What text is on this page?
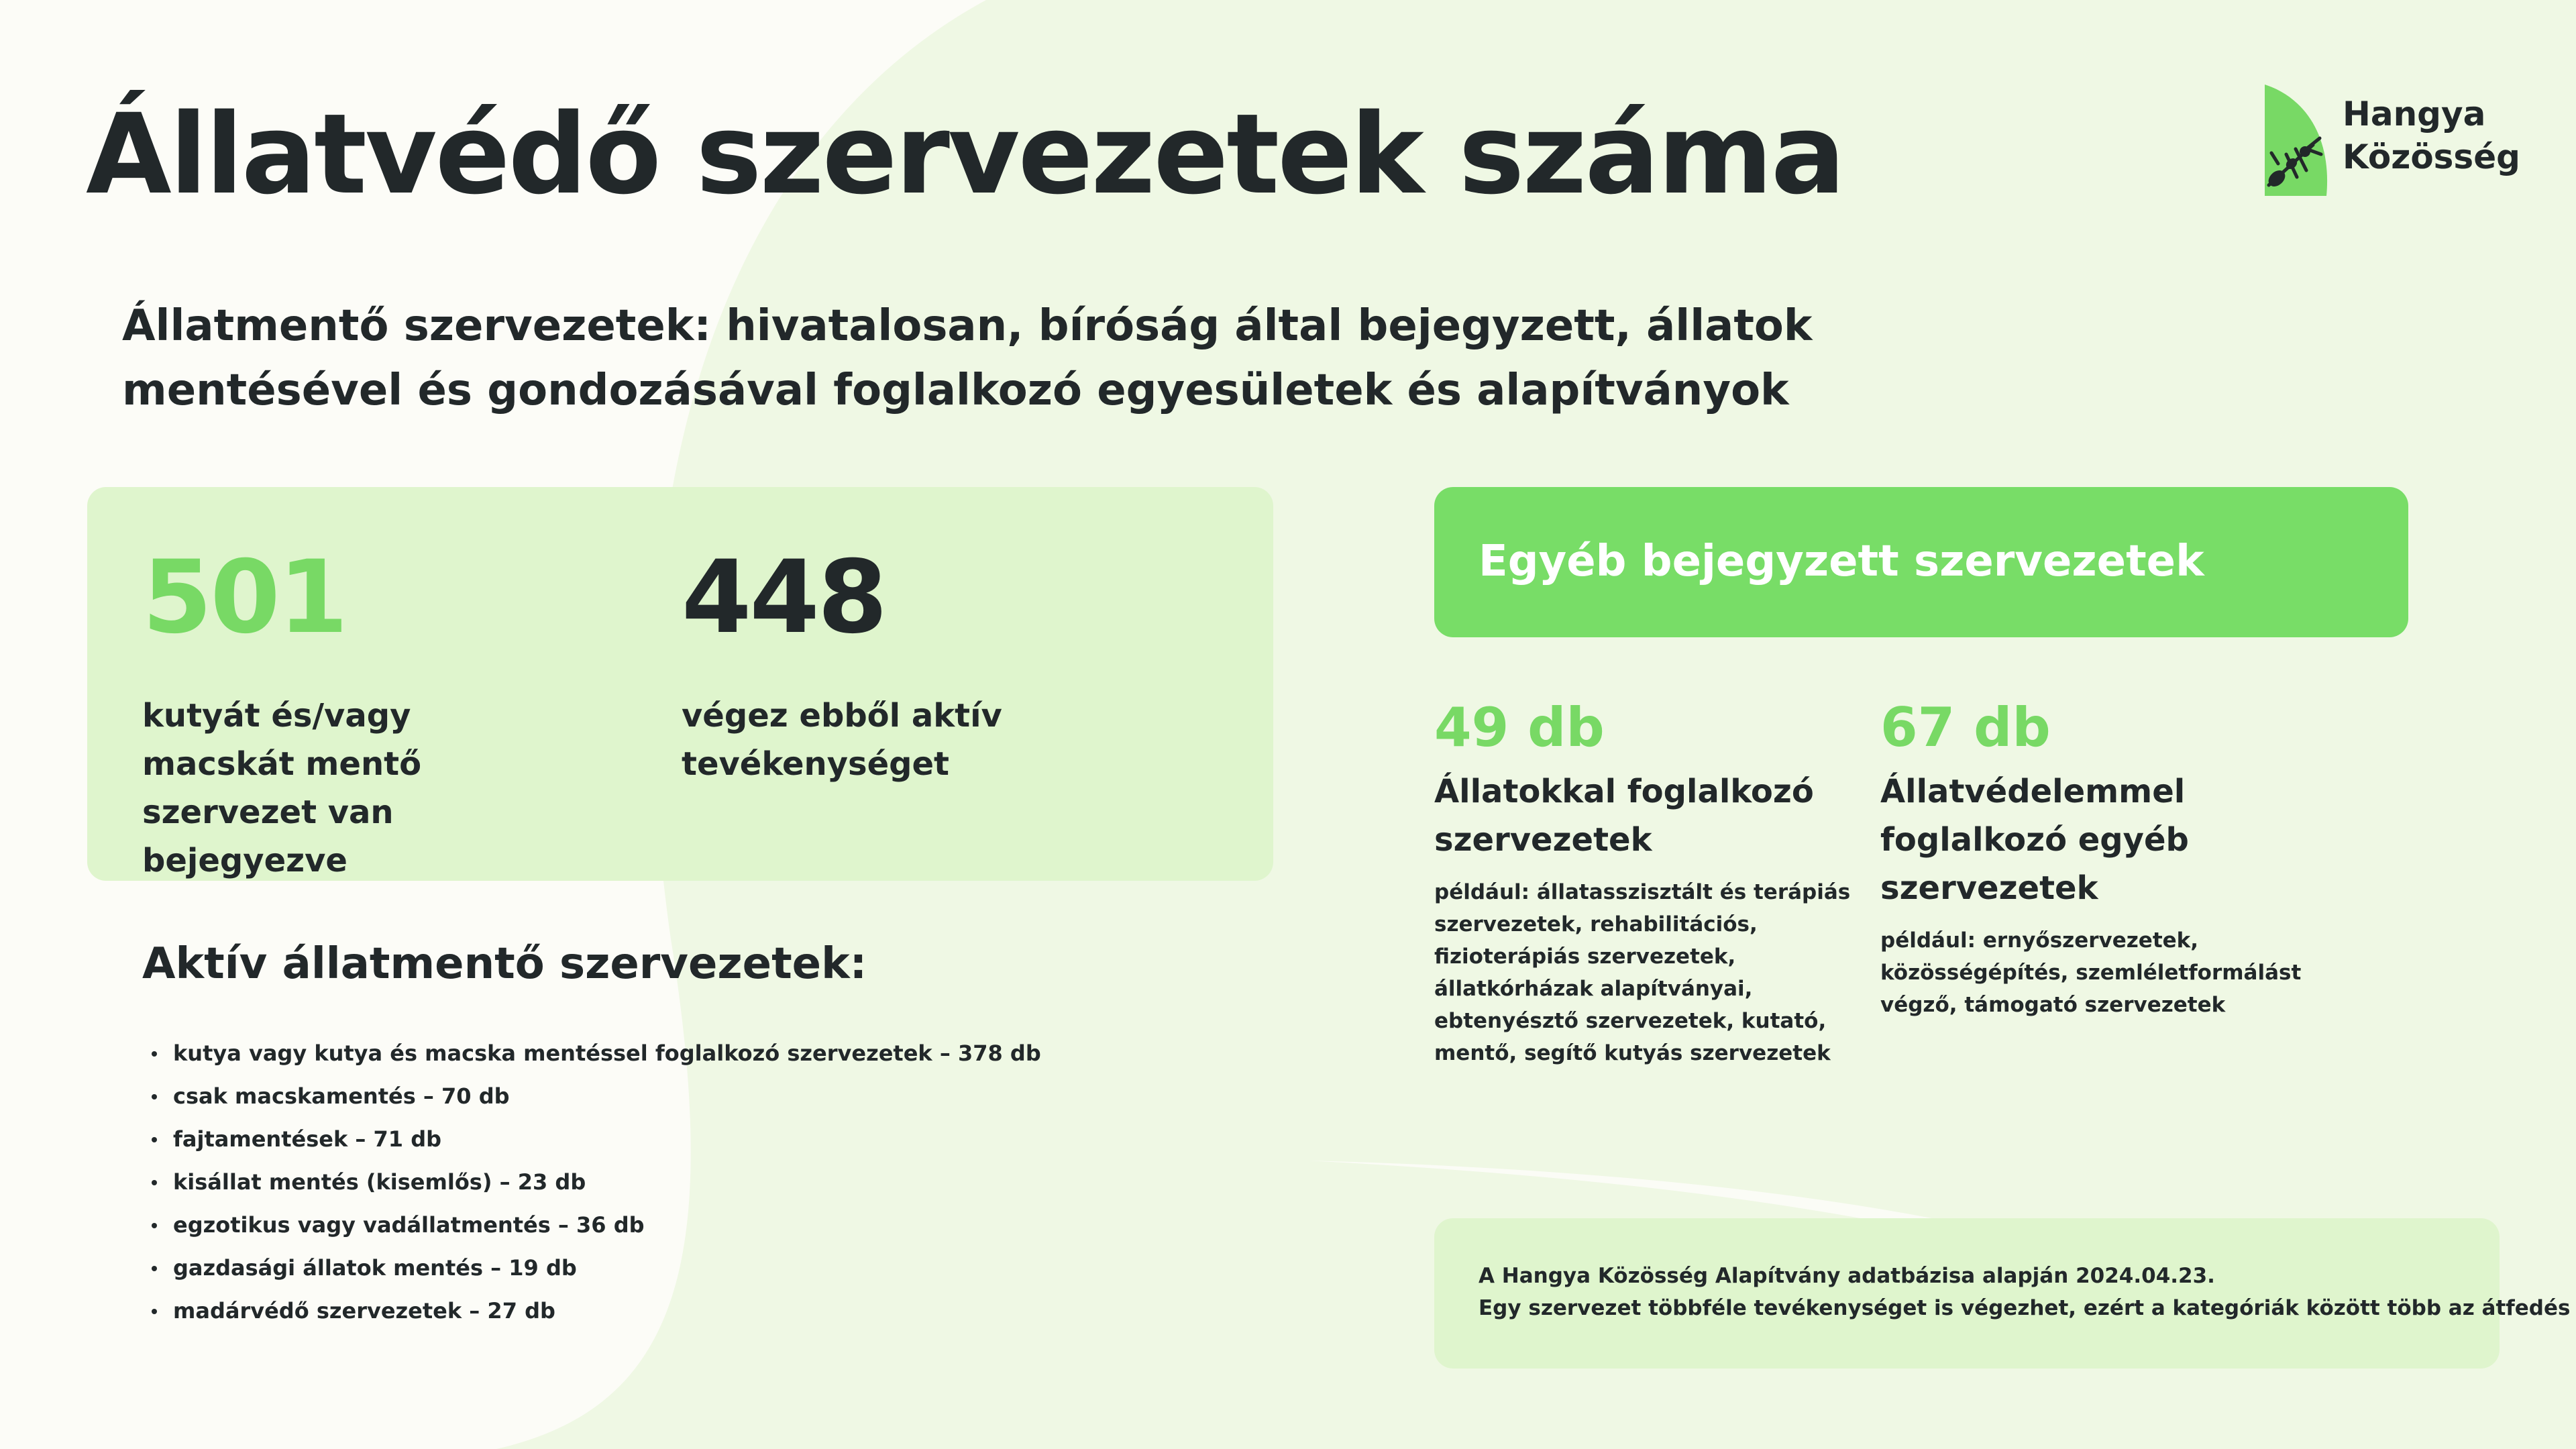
Állatvédő szervezetek száma	Hangya
Közösség

Állatmentő szervezetek: hivatalosan, bíróság által bejegyzett, állatok mentésével és gondozásával foglalkozó egyesületek és alapítványok

501	448
kutyát és/vagy macskát mentő szervezet van bejegyezve
végez ebből aktív tevékenységet
Aktív állatmentő szervezetek:
kutya vagy kutya és macska mentéssel foglalkozó szervezetek – 378 db
csak macskamentés – 70 db
fajtamentések – 71 db
kisállat mentés (kisemlős) – 23 db
egzotikus vagy vadállatmentés – 36 db
gazdasági állatok mentés – 19 db
madárvédő szervezetek – 27 db
Egyéb bejegyzett szervezetek

49 db

Állatokkal foglalkozó szervezetek

például: állatasszisztált és terápiás szervezetek, rehabilitációs, fizioterápiás szervezetek, állatkórházak alapítványai, ebtenyésztő szervezetek, kutató, mentő, segítő kutyás szervezetek

67 db

Állatvédelemmel foglalkozó egyéb szervezetek

például: ernyőszervezetek, közösségépítés, szemléletformálást végző, támogató szervezetek

A Hangya Közösség Alapítvány adatbázisa alapján 2024.04.23.
Egy szervezet többféle tevékenységet is végezhet, ezért a kategóriák között több az átfedés
